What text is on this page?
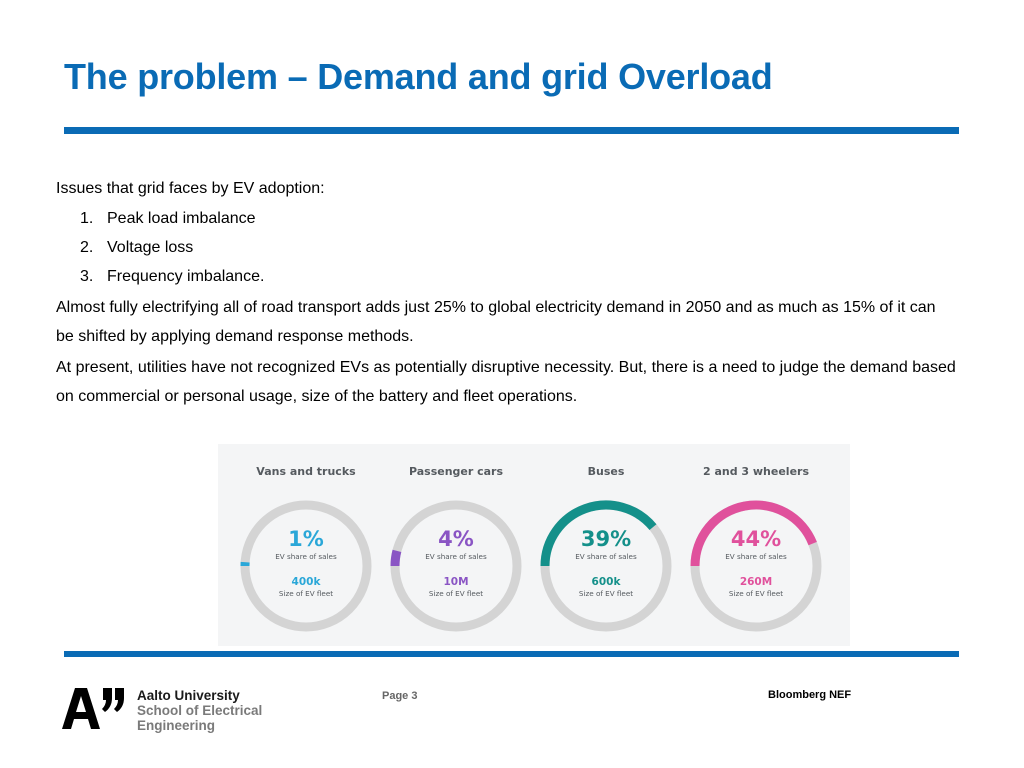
The problem – Demand and grid Overload

Issues that grid faces by EV adoption:

1. Peak load imbalance
2. Voltage loss
3. Frequency imbalance.

Almost fully electrifying all of road transport adds just 25% to global electricity demand in 2050 and as much as 15% of it can be shifted by applying demand response methods.

At present, utilities have not recognized EVs as potentially disruptive necessity. But, there is a need to judge the demand based on commercial or personal usage, size of the battery and fleet operations.

Vans and trucks
1%
EV share of sales
400k
Size of EV fleet
Passenger cars
4%
EV share of sales
10M
Size of EV fleet
Buses
39%
EV share of sales
600k
Size of EV fleet
2 and 3 wheelers
44%
EV share of sales
260M
Size of EV fleet
Aalto University
School of Electrical
Engineering
Page 3	Bloomberg NEF
